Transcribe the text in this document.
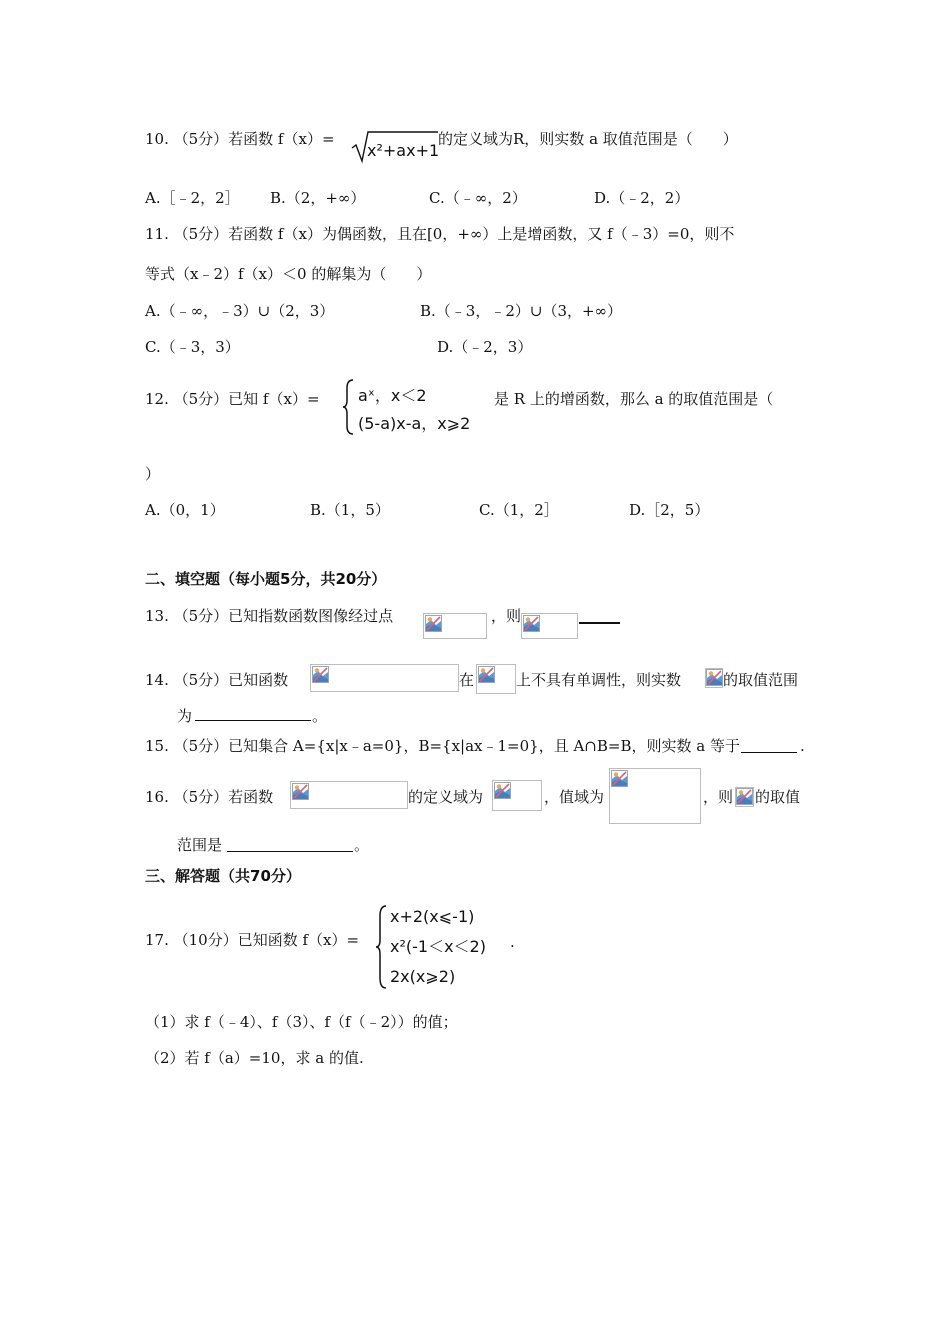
10. （5分）若函数 f（x）=
x²+ax+1
的定义域为R，则实数 a 取值范围是（　　）
A.［﹣2，2］ B.（2，+∞）	C.（﹣∞，2）	D.（﹣2，2）
11. （5分）若函数 f（x）为偶函数，且在[0，+∞）上是增函数，又 f（﹣3）=0，则不
等式（x﹣2）f（x）＜0 的解集为（　　）
A.（﹣∞，﹣3）∪（2，3）	B.（﹣3，﹣2）∪（3，+∞）
C.（﹣3，3）	D.（﹣2，3）
12. （5分）已知 f（x）= aˣ，x＜2
(5-a)x-a，x⩾2
是 R 上的增函数，那么 a 的取值范围是（
）
A.（0，1）	B.（1，5）	C.（1，2］	D.［2，5）
二、填空题（每小题5分，共20分）
13. （5分）已知指数函数图像经过点	，则
14. （5分）已知函数	在	上不具有单调性，则实数	的取值范围
为	。
15. （5分）已知集合 A={x|x﹣a=0}，B={x|ax﹣1=0}，且 A∩B=B，则实数 a 等于	.
16. （5分）若函数	的定义域为	，值域为	，则 的取值
范围是	。
三、解答题（共70分）
17. （10分）已知函数 f（x）=
x+2(x⩽-1)
x²(-1＜x＜2)
2x(x⩾2)
.
（1）求 f（﹣4）、f（3）、f（f（﹣2））的值；
（2）若 f（a）=10，求 a 的值.
